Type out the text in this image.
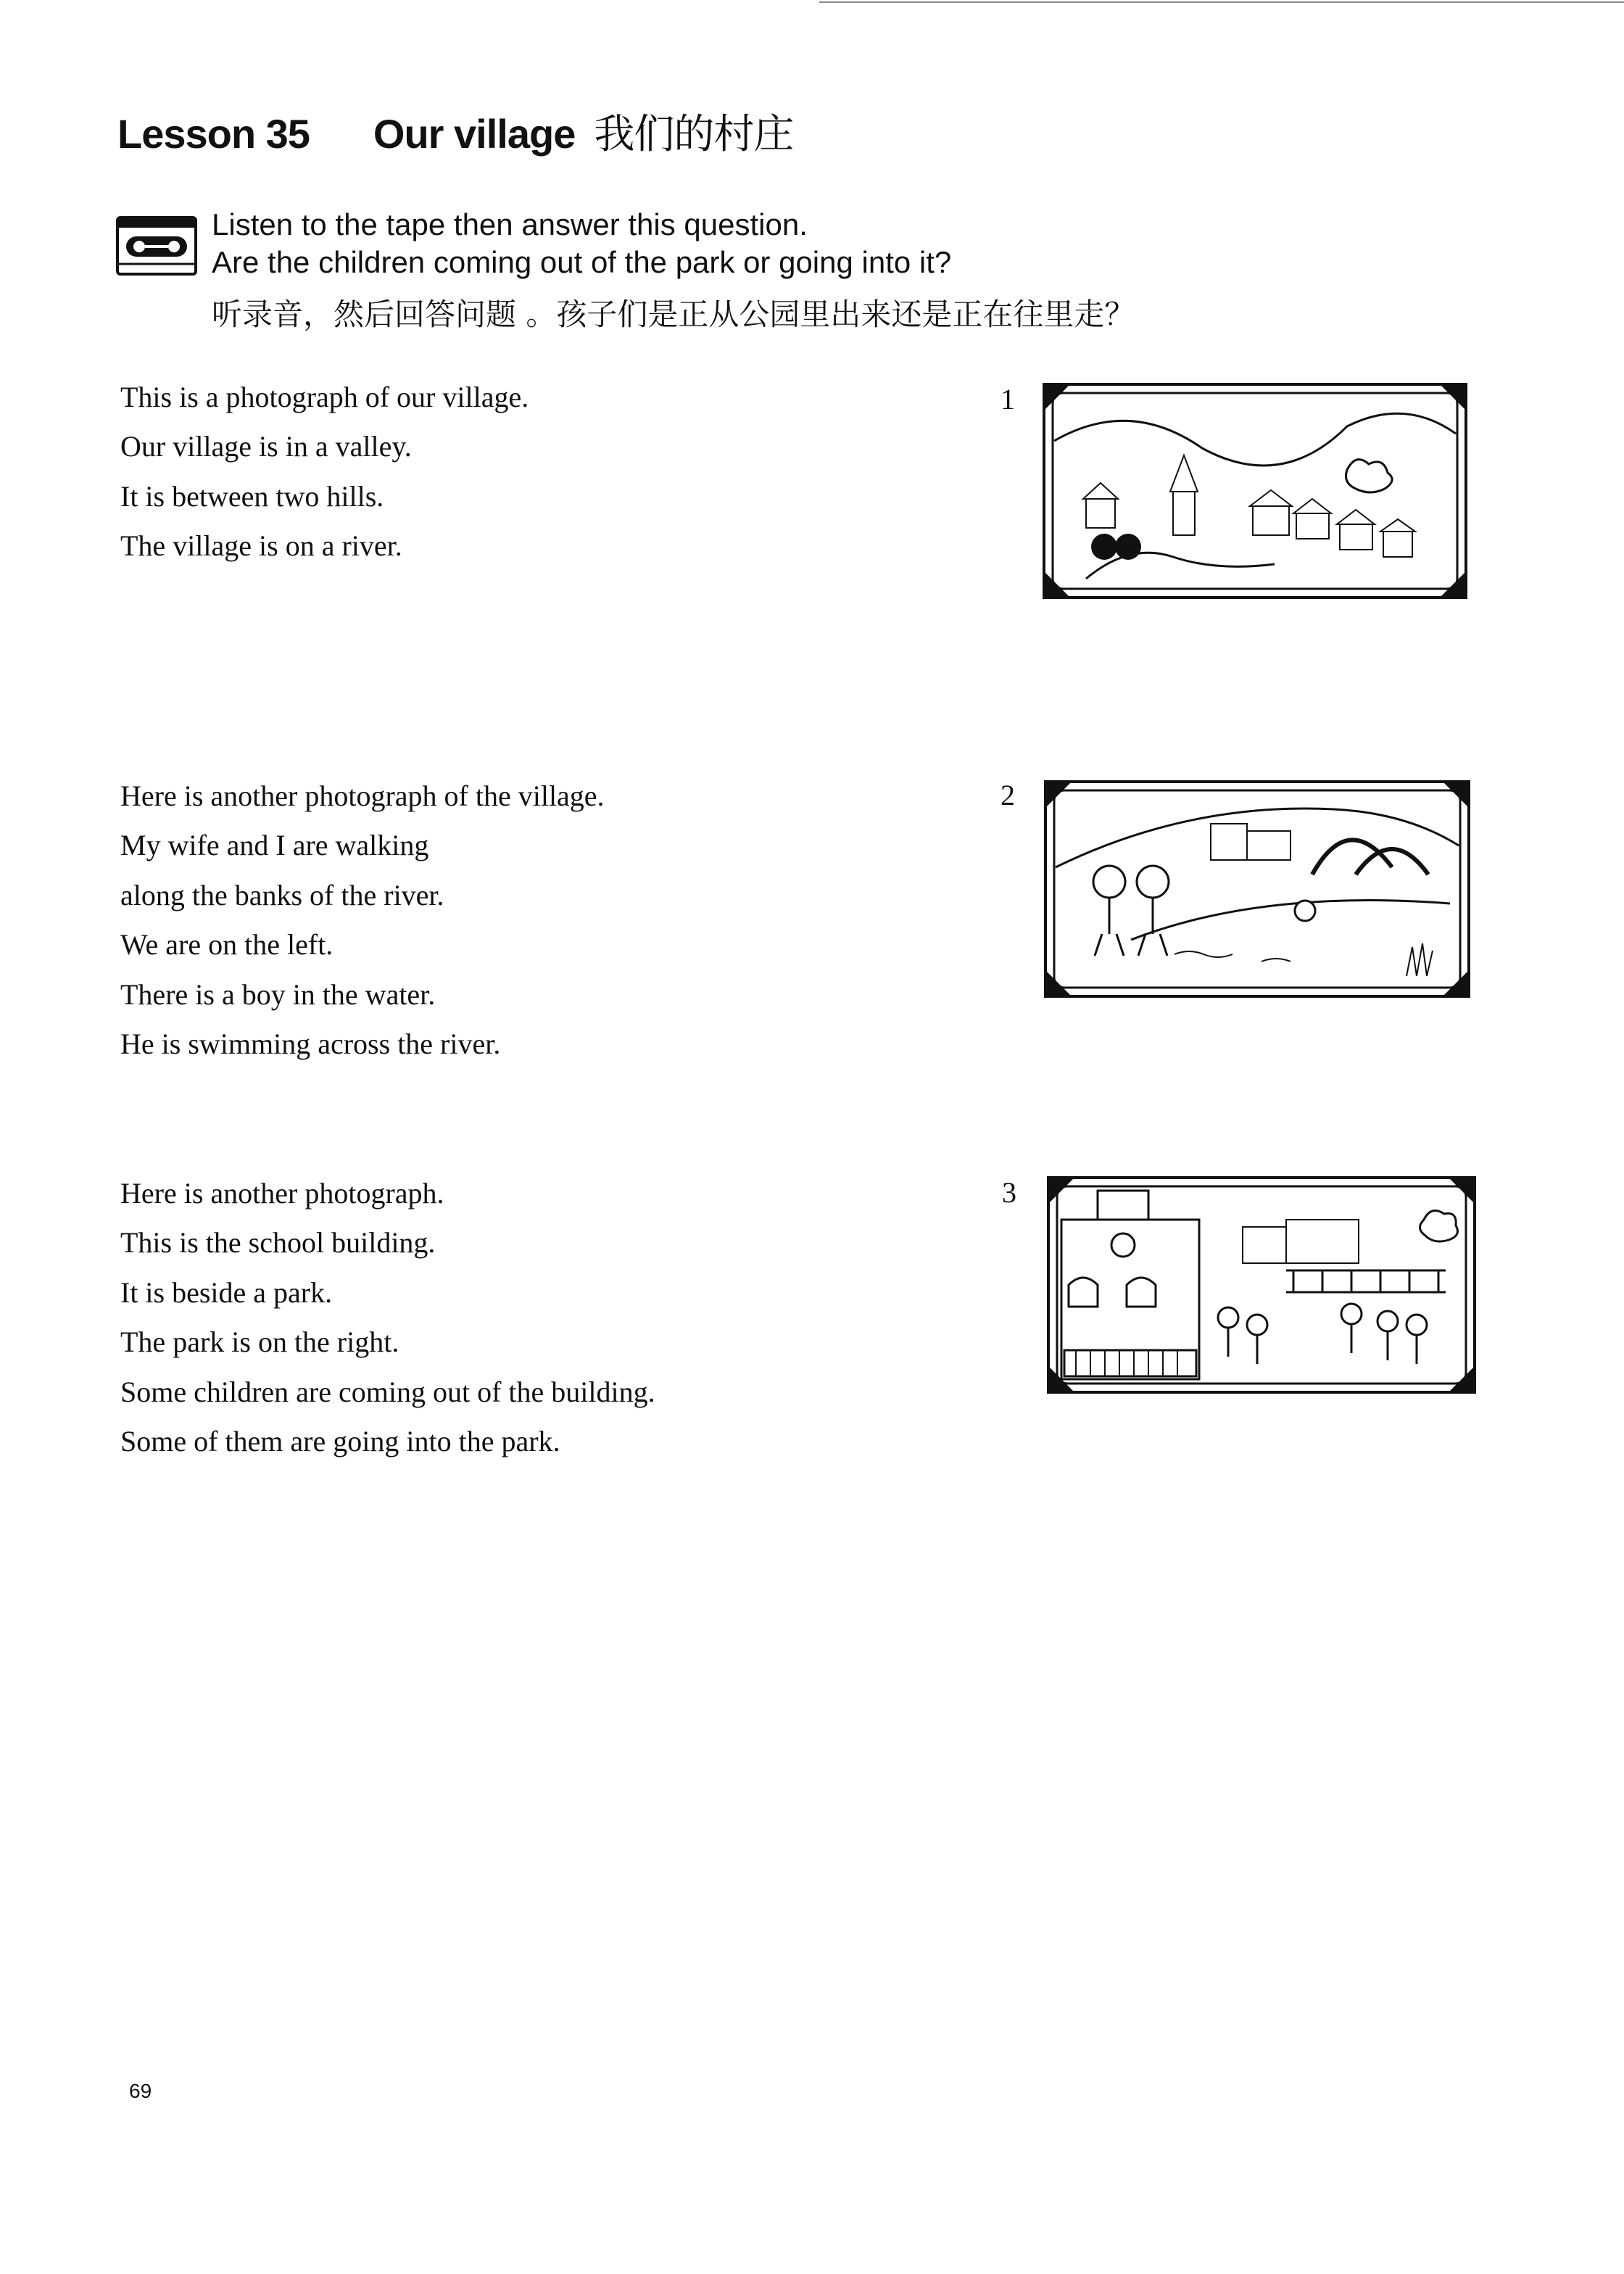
Lesson 35 Our village 我们的村庄
Listen to the tape then answer this question.
Are the children coming out of the park or going into it?
听录音，然后回答问题 。孩子们是正从公园里出来还是正在往里走？
This is a photograph of our village.
Our village is in a valley.
It is between two hills.
The village is on a river.
Here is another photograph of the village.
My wife and I are walking
along the banks of the river.
We are on the left.
There is a boy in the water.
He is swimming across the river.
Here is another photograph.
This is the school building.
It is beside a park.
The park is on the right.
Some children are coming out of the building.
Some of them are going into the park.
1
2
3
69
